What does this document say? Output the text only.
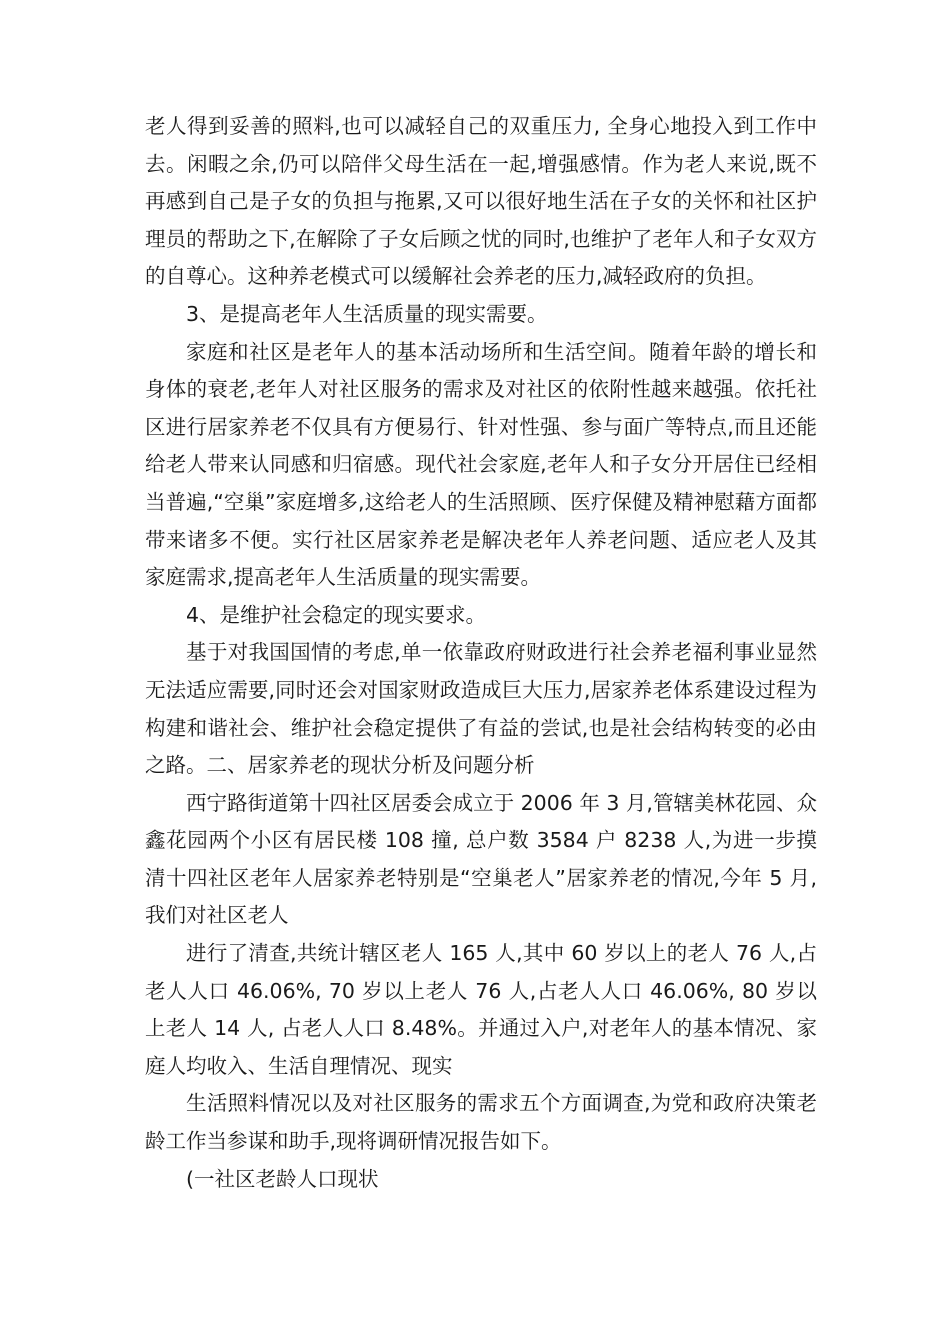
老人得到妥善的照料,也可以减轻自己的双重压力, 全身心地投入到工作中去。闲暇之余,仍可以陪伴父母生活在一起,增强感情。作为老人来说,既不再感到自己是子女的负担与拖累,又可以很好地生活在子女的关怀和社区护理员的帮助之下,在解除了子女后顾之忧的同时,也维护了老年人和子女双方的自尊心。这种养老模式可以缓解社会养老的压力,减轻政府的负担。

3、是提高老年人生活质量的现实需要。

家庭和社区是老年人的基本活动场所和生活空间。随着年龄的增长和身体的衰老,老年人对社区服务的需求及对社区的依附性越来越强。依托社区进行居家养老不仅具有方便易行、针对性强、参与面广等特点,而且还能给老人带来认同感和归宿感。现代社会家庭,老年人和子女分开居住已经相当普遍,“空巢”家庭增多,这给老人的生活照顾、医疗保健及精神慰藉方面都带来诸多不便。实行社区居家养老是解决老年人养老问题、适应老人及其家庭需求,提高老年人生活质量的现实需要。

4、是维护社会稳定的现实要求。

基于对我国国情的考虑,单一依靠政府财政进行社会养老福利事业显然无法适应需要,同时还会对国家财政造成巨大压力,居家养老体系建设过程为构建和谐社会、维护社会稳定提供了有益的尝试,也是社会结构转变的必由之路。二、居家养老的现状分析及问题分析

西宁路街道第十四社区居委会成立于 2006 年 3 月,管辖美林花园、众鑫花园两个小区有居民楼 108 撞, 总户数 3584 户 8238 人,为进一步摸清十四社区老年人居家养老特别是“空巢老人”居家养老的情况,今年 5 月,我们对社区老人

进行了清查,共统计辖区老人 165 人,其中 60 岁以上的老人 76 人,占老人人口 46.06%, 70 岁以上老人 76 人,占老人人口 46.06%, 80 岁以上老人 14 人, 占老人人口 8.48%。并通过入户,对老年人的基本情况、家庭人均收入、生活自理情况、现实

生活照料情况以及对社区服务的需求五个方面调查,为党和政府决策老龄工作当参谋和助手,现将调研情况报告如下。

(一社区老龄人口现状
